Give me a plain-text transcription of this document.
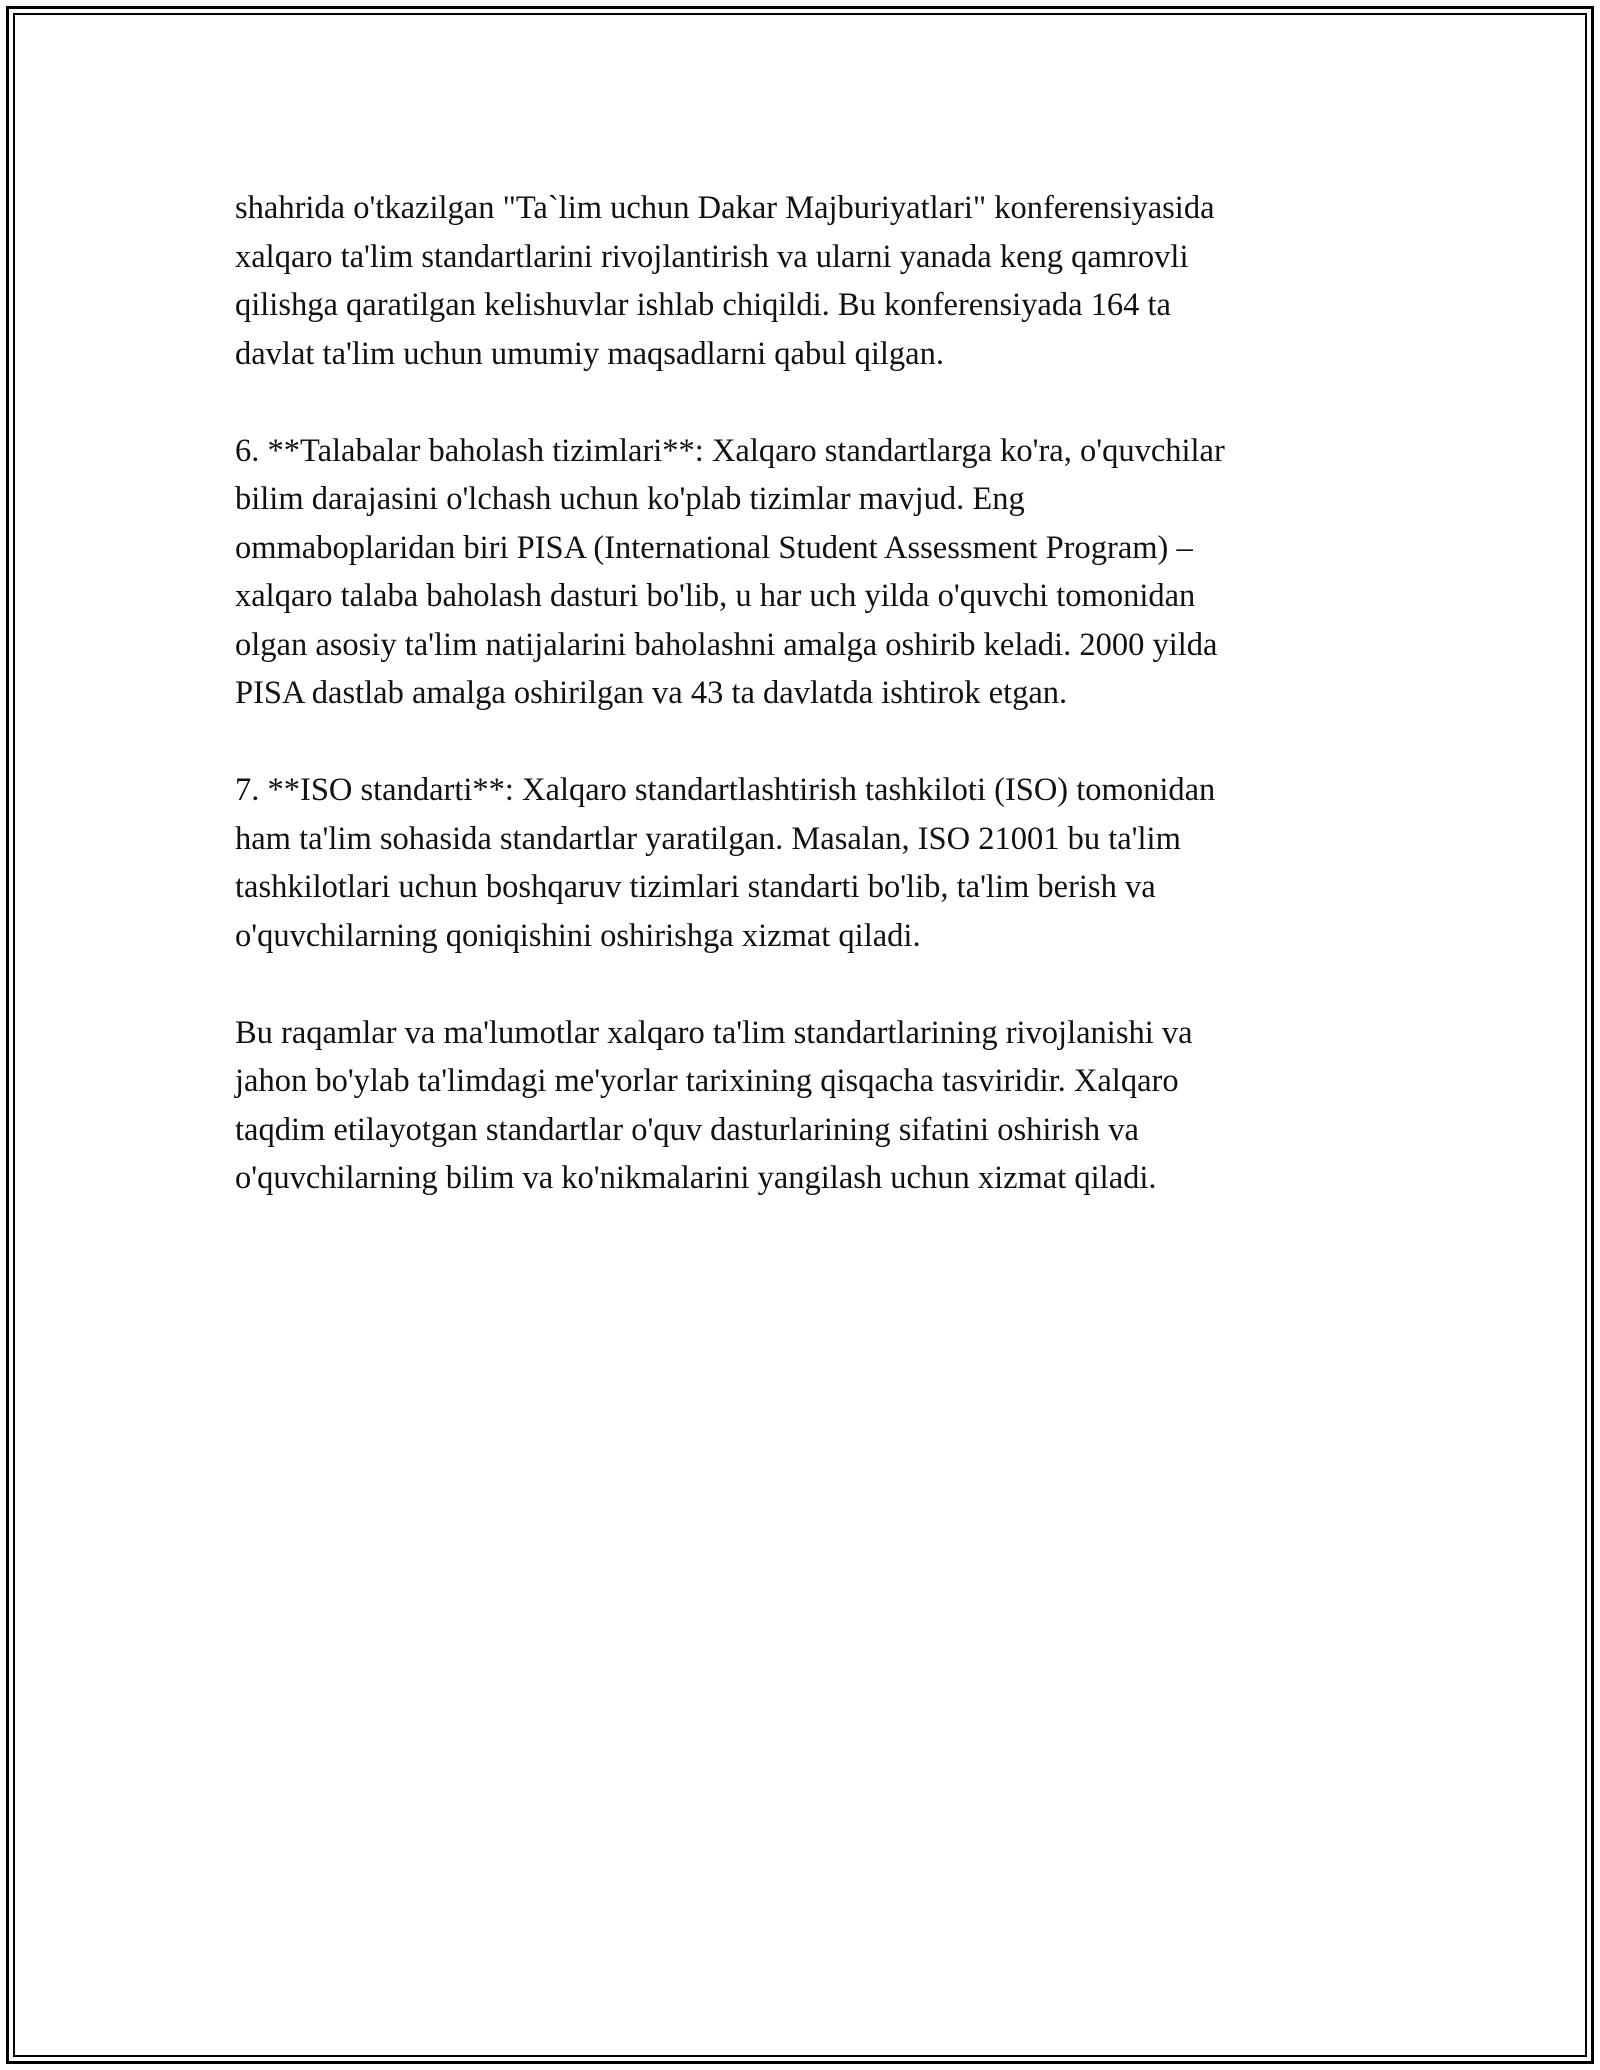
shahrida o'tkazilgan "Ta`lim uchun Dakar Majburiyatlari" konferensiyasida
xalqaro ta'lim standartlarini rivojlantirish va ularni yanada keng qamrovli
qilishga qaratilgan kelishuvlar ishlab chiqildi. Bu konferensiyada 164 ta
davlat ta'lim uchun umumiy maqsadlarni qabul qilgan.

6. **Talabalar baholash tizimlari**: Xalqaro standartlarga ko'ra, o'quvchilar
bilim darajasini o'lchash uchun ko'plab tizimlar mavjud. Eng
ommaboplaridan biri PISA (International Student Assessment Program) –
xalqaro talaba baholash dasturi bo'lib, u har uch yilda o'quvchi tomonidan
olgan asosiy ta'lim natijalarini baholashni amalga oshirib keladi. 2000 yilda
PISA dastlab amalga oshirilgan va 43 ta davlatda ishtirok etgan.

7. **ISO standarti**: Xalqaro standartlashtirish tashkiloti (ISO) tomonidan
ham ta'lim sohasida standartlar yaratilgan. Masalan, ISO 21001 bu ta'lim
tashkilotlari uchun boshqaruv tizimlari standarti bo'lib, ta'lim berish va
o'quvchilarning qoniqishini oshirishga xizmat qiladi.

Bu raqamlar va ma'lumotlar xalqaro ta'lim standartlarining rivojlanishi va
jahon bo'ylab ta'limdagi me'yorlar tarixining qisqacha tasviridir. Xalqaro
taqdim etilayotgan standartlar o'quv dasturlarining sifatini oshirish va
o'quvchilarning bilim va ko'nikmalarini yangilash uchun xizmat qiladi.
